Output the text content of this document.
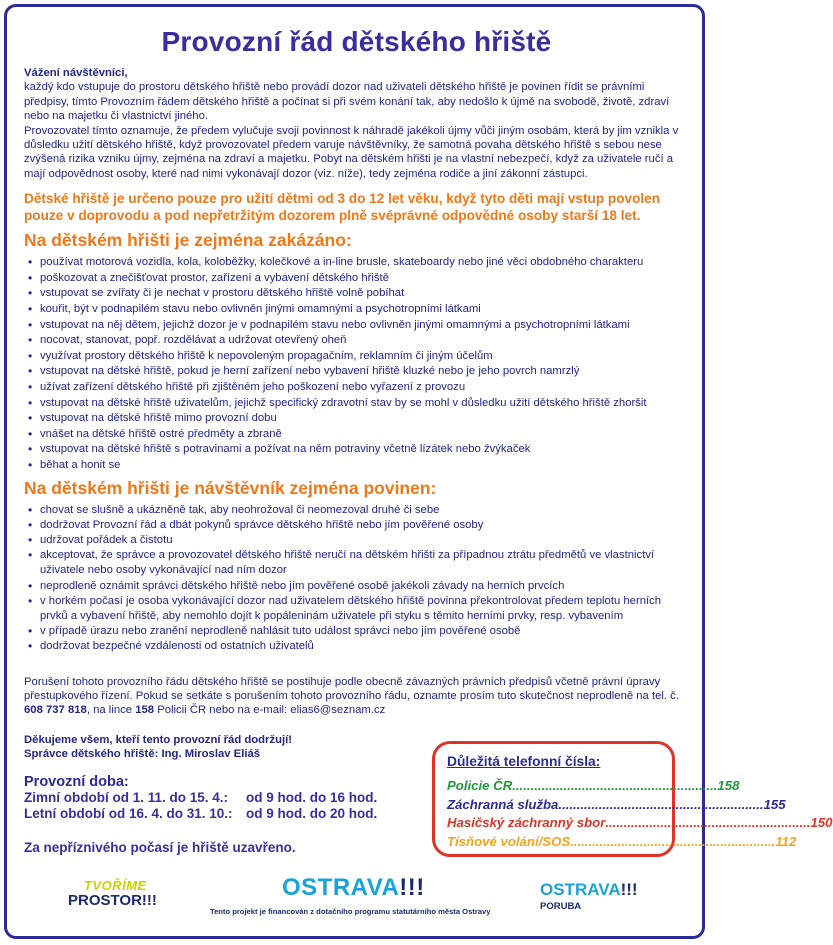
Provozní řád dětského hřiště
Vážení návštěvníci,
každý kdo vstupuje do prostoru dětského hřiště nebo provádí dozor nad uživateli dětského hřiště je povinen řídit se právními předpisy, tímto Provozním řádem dětského hřiště a počínat si při svém konání tak, aby nedošlo k újmě na svobodě, životě, zdraví nebo na majetku či vlastnictví jiného.
Provozovatel tímto oznamuje, že předem vylučuje svoji povinnost k náhradě jakékoli újmy vůči jiným osobám, která by jim vznikla v důsledku užití dětského hřiště, když provozovatel předem varuje návštěvníky, že samotná povaha dětského hřiště s sebou nese zvýšená rizika vzniku újmy, zejména na zdraví a majetku. Pobyt na dětském hřišti je na vlastní nebezpečí, když za uživatele ručí a mají odpovědnost osoby, které nad nimi vykonávají dozor (viz. níže), tedy zejména rodiče a jiní zákonní zástupci.
Dětské hřiště je určeno pouze pro užití dětmi od 3 do 12 let věku, když tyto děti mají vstup povolen pouze v doprovodu a pod nepřetržitým dozorem plně svéprávné odpovědné osoby starší 18 let.
Na dětském hřišti je zejména zakázáno:
• používat motorová vozidla, kola, koloběžky, kolečkové a in-line brusle, skateboardy nebo jiné věci obdobného charakteru
• poškozovat a znečišťovat prostor, zařízení a vybavení dětského hřiště
• vstupovat se zvířaty či je nechat v prostoru dětského hřiště volně pobíhat
• kouřit, být v podnapilém stavu nebo ovlivněn jinými omamnými a psychotropními látkami
• vstupovat na něj dětem, jejichž dozor je v podnapilém stavu nebo ovlivněn jinými omamnými a psychotropními látkami
• nocovat, stanovat, popř. rozdělávat a udržovat otevřený oheň
• využívat prostory dětského hřiště k nepovoleným propagačním, reklamním či jiným účelům
• vstupovat na dětské hřiště, pokud je herní zařízení nebo vybavení hřiště kluzké nebo je jeho povrch namrzlý
• užívat zařízení dětského hřiště při zjištěném jeho poškození nebo vyřazení z provozu
• vstupovat na dětské hřiště uživatelům, jejichž specifický zdravotní stav by se mohl v důsledku užití dětského hřiště zhoršit
• vstupovat na dětské hřiště mimo provozní dobu
• vnášet na dětské hřiště ostré předměty a zbraně
• vstupovat na dětské hřiště s potravinami a požívat na něm potraviny včetně lízátek nebo žvýkaček
• běhat a honit se
Na dětském hřišti je návštěvník zejména povinen:
• chovat se slušně a ukázněně tak, aby neohrožoval či neomezoval druhé či sebe
• dodržovat Provozní řád a dbát pokynů správce dětského hřiště nebo jím pověřené osoby
• udržovat pořádek a čistotu
• akceptovat, že správce a provozovatel dětského hřiště neručí na dětském hřišti za případnou ztrátu předmětů ve vlastnictví uživatele nebo osoby vykonávající nad ním dozor
• neprodleně oznámit správci dětského hřiště nebo jím pověřené osobě jakékoli závady na herních prvcích
• v horkém počasí je osoba vykonávající dozor nad uživatelem dětského hřiště povinna překontrolovat předem teplotu herních prvků a vybavení hřiště, aby nemohlo dojít k popáleninám uživatele při styku s těmito herními prvky, resp. vybavením
• v případě úrazu nebo zranění neprodleně nahlásit tuto událost správci nebo jím pověřené osobě
• dodržovat bezpečné vzdálenosti od ostatních uživatelů
Porušení tohoto provozního řádu dětského hřiště se postihuje podle obecně závazných právních předpisů včetně právní úpravy přestupkového řízení. Pokud se setkáte s porušením tohoto provozního řádu, oznamte prosím tuto skutečnost neprodleně na tel. č. 608 737 818, na lince 158 Policii ČR nebo na e-mail: elias6@seznam.cz
Děkujeme všem, kteří tento provozní řád dodržují!
Správce dětského hřiště: Ing. Miroslav Eliáš
Provozní doba:
Zimní období od 1. 11. do 15. 4.: od 9 hod. do 16 hod.
Letní období od 16. 4. do 31. 10.: od 9 hod. do 20 hod.
Za nepříznivého počasí je hřiště uzavřeno.
Důležitá telefonní čísla:
Policie ČR ........................................................ 158
Záchranná služba ........................................................ 155
Hasičský záchranný sbor ........................................................ 150
Tísňové volání/SOS ........................................................ 112
TVOŘÍME
PROSTOR!!!	OSTRAVA!!!
Tento projekt je financován z dotačního programu statutárního města Ostravy
OSTRAVA!!!
PORUBA
